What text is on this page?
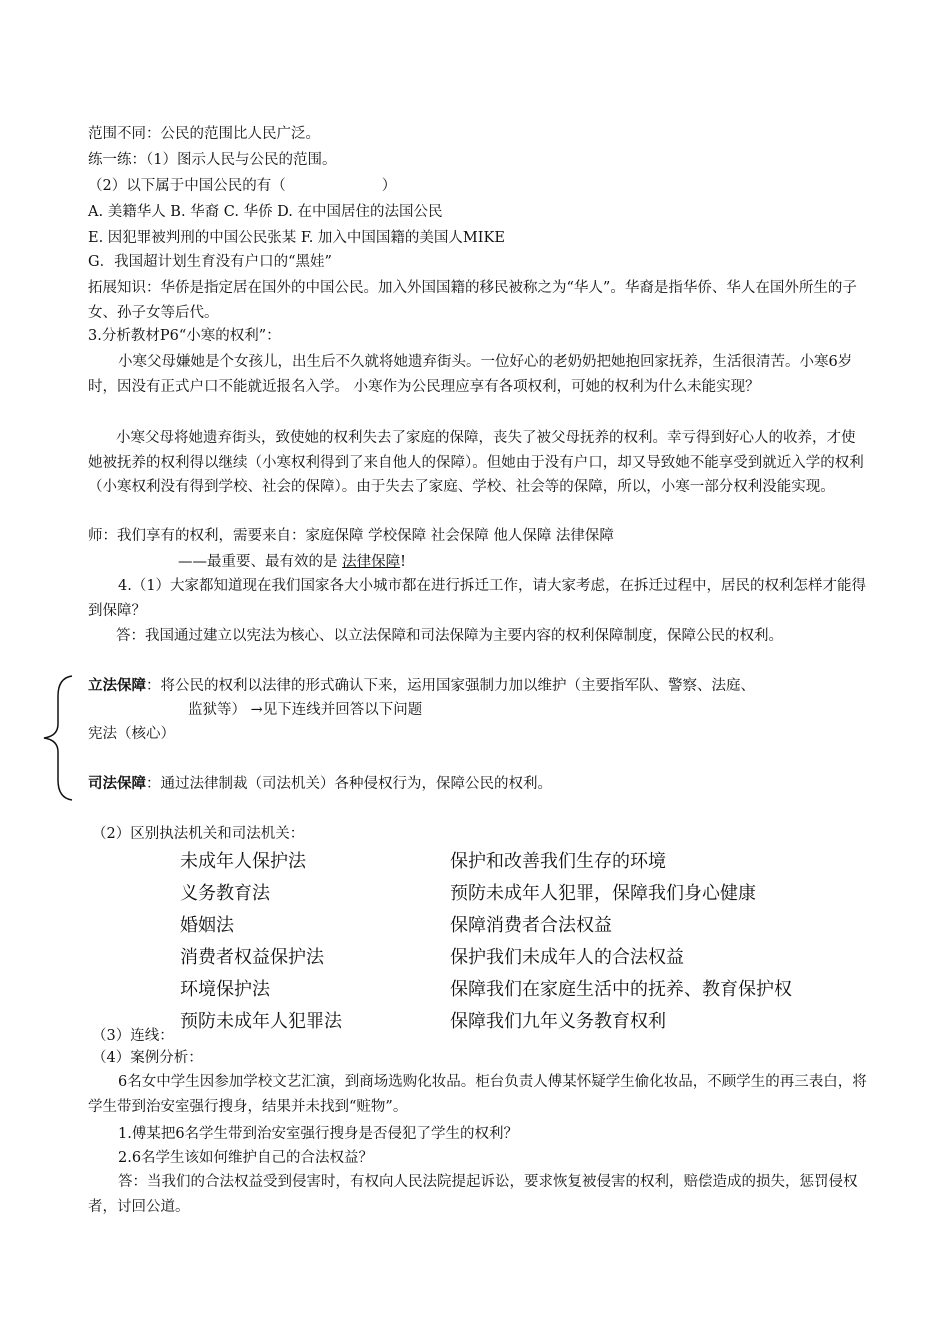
范围不同：公民的范围比人民广泛。
练一练：（1）图示人民与公民的范围。
（2）以下属于中国公民的有（	）
A. 美籍华人 B. 华裔 C. 华侨 D. 在中国居住的法国公民
E. 因犯罪被判刑的中国公民张某 F. 加入中国国籍的美国人MIKE
G．我国超计划生育没有户口的“黑娃”
拓展知识：华侨是指定居在国外的中国公民。加入外国国籍的移民被称之为“华人”。华裔是指华侨、华人在国外所生的子女、孙子女等后代。
3.分析教材P6“小寒的权利”：
小寒父母嫌她是个女孩儿，出生后不久就将她遗弃街头。一位好心的老奶奶把她抱回家抚养，生活很清苦。小寒6岁时，因没有正式户口不能就近报名入学。 小寒作为公民理应享有各项权利，可她的权利为什么未能实现？
小寒父母将她遗弃街头，致使她的权利失去了家庭的保障，丧失了被父母抚养的权利。幸亏得到好心人的收养，才使她被抚养的权利得以继续（小寒权利得到了来自他人的保障）。但她由于没有户口，却又导致她不能享受到就近入学的权利（小寒权利没有得到学校、社会的保障）。由于失去了家庭、学校、社会等的保障，所以，小寒一部分权利没能实现。
师：我们享有的权利，需要来自：家庭保障 学校保障 社会保障 他人保障 法律保障
——最重要、最有效的是 法律保障!
4.（1）大家都知道现在我们国家各大小城市都在进行拆迁工作，请大家考虑，在拆迁过程中，居民的权利怎样才能得到保障？
答：我国通过建立以宪法为核心、以立法保障和司法保障为主要内容的权利保障制度，保障公民的权利。
立法保障：将公民的权利以法律的形式确认下来，运用国家强制力加以维护（主要指军队、警察、法庭、
监狱等） →见下连线并回答以下问题
宪法（核心）
司法保障：通过法律制裁（司法机关）各种侵权行为，保障公民的权利。
（2）区别执法机关和司法机关：
未成年人保护法
义务教育法
婚姻法
消费者权益保护法
环境保护法
预防未成年人犯罪法
保护和改善我们生存的环境
预防未成年人犯罪，保障我们身心健康
保障消费者合法权益
保护我们未成年人的合法权益
保障我们在家庭生活中的抚养、教育保护权
保障我们九年义务教育权利
（3）连线：
（4）案例分析：
6名女中学生因参加学校文艺汇演，到商场选购化妆品。柜台负责人傅某怀疑学生偷化妆品，不顾学生的再三表白，将学生带到治安室强行搜身，结果并未找到“赃物”。
1.傅某把6名学生带到治安室强行搜身是否侵犯了学生的权利？
2.6名学生该如何维护自己的合法权益？
答：当我们的合法权益受到侵害时，有权向人民法院提起诉讼，要求恢复被侵害的权利，赔偿造成的损失，惩罚侵权者，讨回公道。
